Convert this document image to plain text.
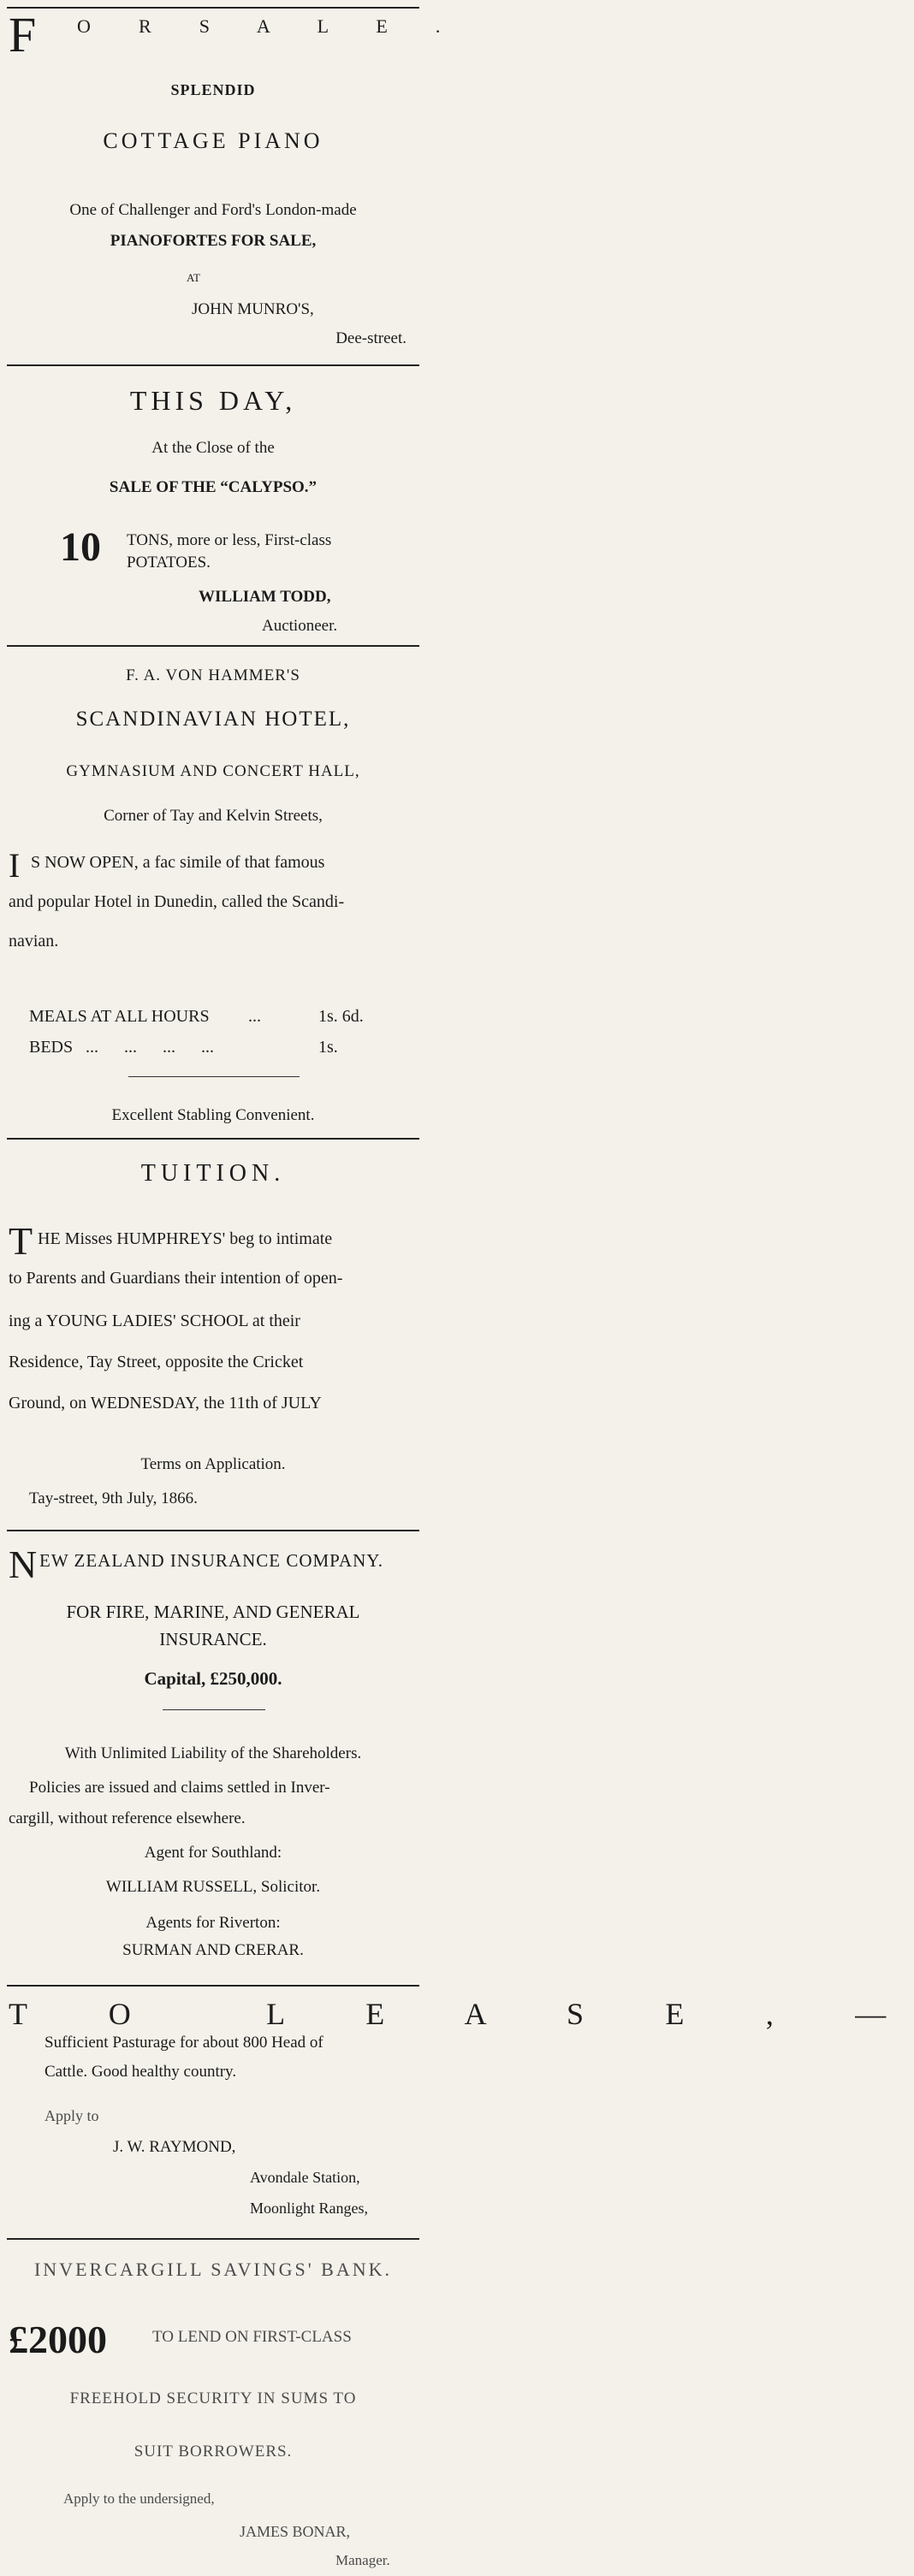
F O R S A L E .
SPLENDID
COTTAGE PIANO
One of Challenger and Ford's London-made
PIANOFORTES FOR SALE,
AT
JOHN MUNRO'S,
Dee-street.
THIS DAY,
At the Close of the
SALE OF THE “CALYPSO.”
10 TONS, more or less, First-class
POTATOES.
WILLIAM TODD,
Auctioneer.
F. A. VON HAMMER'S
SCANDINAVIAN HOTEL,
GYMNASIUM AND CONCERT HALL,
Corner of Tay and Kelvin Streets,
I S NOW OPEN, a fac simile of that famous
and popular Hotel in Dunedin, called the Scandi-
navian.
MEALS AT ALL HOURS ...	1s. 6d.
BEDS ...      ...      ...      ...	1s.
Excellent Stabling Convenient.
TUITION.
T HE Misses HUMPHREYS' beg to intimate
to Parents and Guardians their intention of open-
ing a YOUNG LADIES' SCHOOL at their
Residence, Tay Street, opposite the Cricket
Ground, on WEDNESDAY, the 11th of JULY
Terms on Application.
Tay-street, 9th July, 1866.
N EW ZEALAND INSURANCE COMPANY.
FOR FIRE, MARINE, AND GENERAL
INSURANCE.
Capital, £250,000.
With Unlimited Liability of the Shareholders.
Policies are issued and claims settled in Inver-
cargill, without reference elsewhere.
Agent for Southland:
WILLIAM RUSSELL, Solicitor.
Agents for Riverton:
SURMAN AND CRERAR.
T O  L E A S E , —
Sufficient Pasturage for about 800 Head of
Cattle. Good healthy country.
Apply to
J. W. RAYMOND,
Avondale Station,
Moonlight Ranges,
INVERCARGILL SAVINGS' BANK.
£2000	TO LEND ON FIRST-CLASS
FREEHOLD SECURITY IN SUMS TO
SUIT BORROWERS.
Apply to the undersigned,
JAMES BONAR,
Manager.
